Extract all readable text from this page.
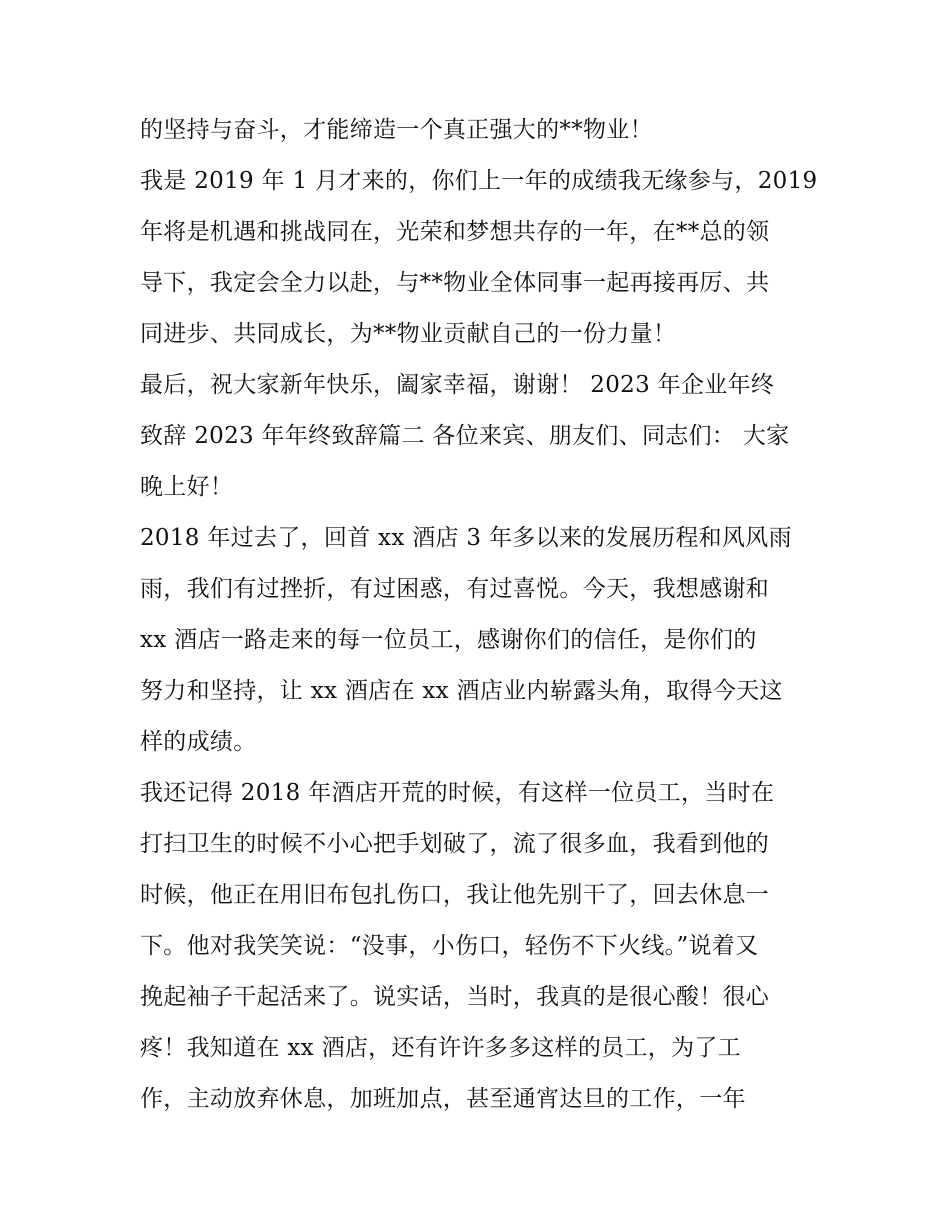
的坚持与奋斗，才能缔造一个真正强大的**物业！
我是 2019 年 1 月才来的，你们上一年的成绩我无缘参与，2019
年将是机遇和挑战同在，光荣和梦想共存的一年，在**总的领
导下，我定会全力以赴，与**物业全体同事一起再接再厉、共
同进步、共同成长，为**物业贡献自己的一份力量！
最后，祝大家新年快乐，阖家幸福，谢谢！ 2023 年企业年终
致辞 2023 年年终致辞篇二 各位来宾、朋友们、同志们： 大家
晚上好！
2018 年过去了，回首 xx 酒店 3 年多以来的发展历程和风风雨
雨，我们有过挫折，有过困惑，有过喜悦。今天，我想感谢和
xx 酒店一路走来的每一位员工，感谢你们的信任，是你们的
努力和坚持，让 xx 酒店在 xx 酒店业内崭露头角，取得今天这
样的成绩。
我还记得 2018 年酒店开荒的时候，有这样一位员工，当时在
打扫卫生的时候不小心把手划破了，流了很多血，我看到他的
时候，他正在用旧布包扎伤口，我让他先别干了，回去休息一
下。他对我笑笑说：“没事，小伤口，轻伤不下火线。”说着又
挽起袖子干起活来了。说实话，当时，我真的是很心酸！很心
疼！我知道在 xx 酒店，还有许许多多这样的员工，为了工
作，主动放弃休息，加班加点，甚至通宵达旦的工作，一年
